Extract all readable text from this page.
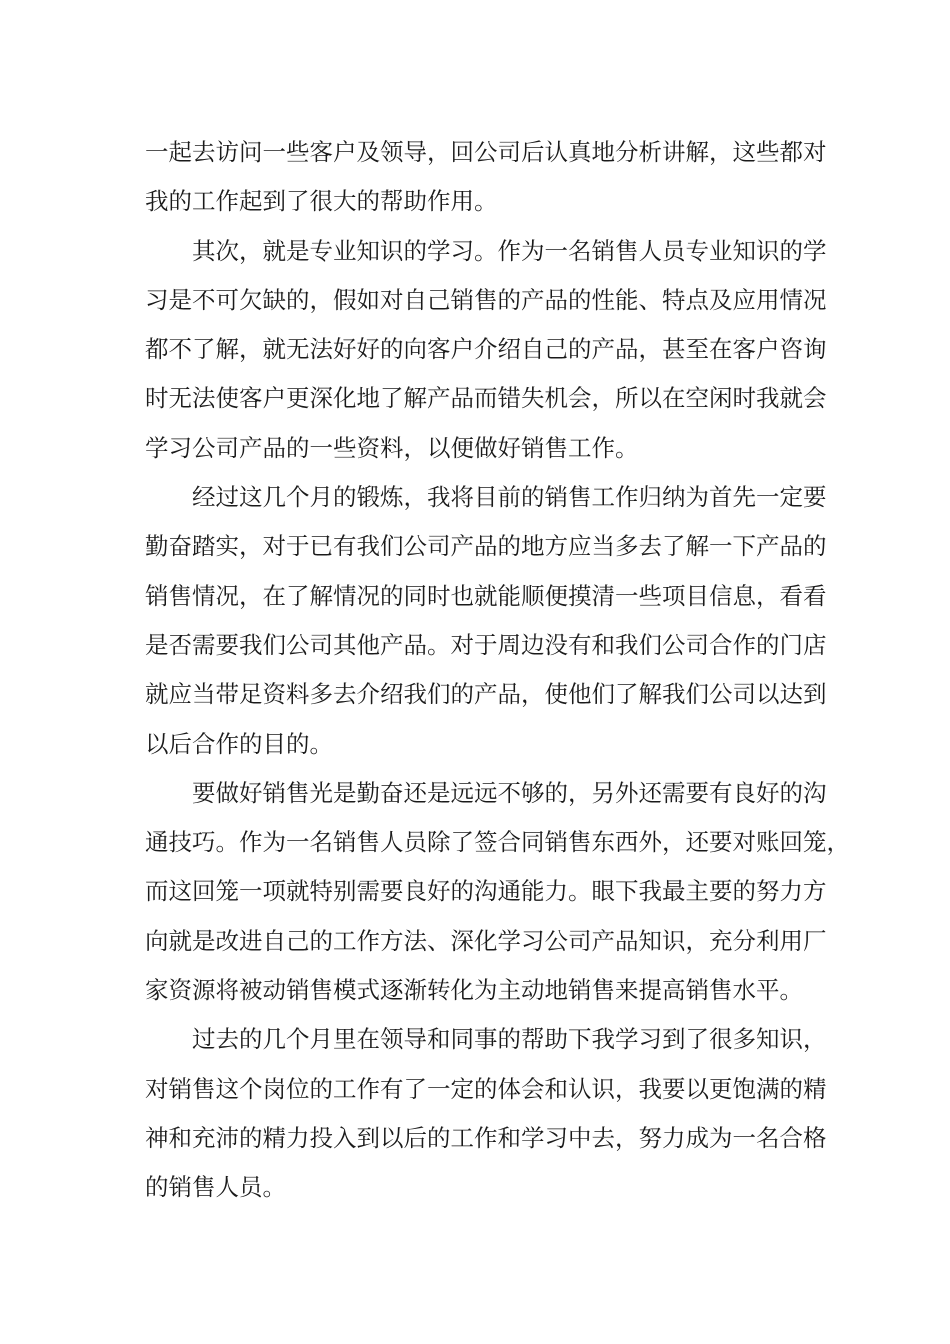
一起去访问一些客户及领导，回公司后认真地分析讲解，这些都对
我的工作起到了很大的帮助作用。

其次，就是专业知识的学习。作为一名销售人员专业知识的学
习是不可欠缺的，假如对自己销售的产品的性能、特点及应用情况
都不了解，就无法好好的向客户介绍自己的产品，甚至在客户咨询
时无法使客户更深化地了解产品而错失机会，所以在空闲时我就会
学习公司产品的一些资料，以便做好销售工作。

经过这几个月的锻炼，我将目前的销售工作归纳为首先一定要
勤奋踏实，对于已有我们公司产品的地方应当多去了解一下产品的
销售情况，在了解情况的同时也就能顺便摸清一些项目信息，看看
是否需要我们公司其他产品。对于周边没有和我们公司合作的门店
就应当带足资料多去介绍我们的产品，使他们了解我们公司以达到
以后合作的目的。

要做好销售光是勤奋还是远远不够的，另外还需要有良好的沟
通技巧。作为一名销售人员除了签合同销售东西外，还要对账回笼，
而这回笼一项就特别需要良好的沟通能力。眼下我最主要的努力方
向就是改进自己的工作方法、深化学习公司产品知识，充分利用厂
家资源将被动销售模式逐渐转化为主动地销售来提高销售水平。

过去的几个月里在领导和同事的帮助下我学习到了很多知识，
对销售这个岗位的工作有了一定的体会和认识，我要以更饱满的精
神和充沛的精力投入到以后的工作和学习中去，努力成为一名合格
的销售人员。
